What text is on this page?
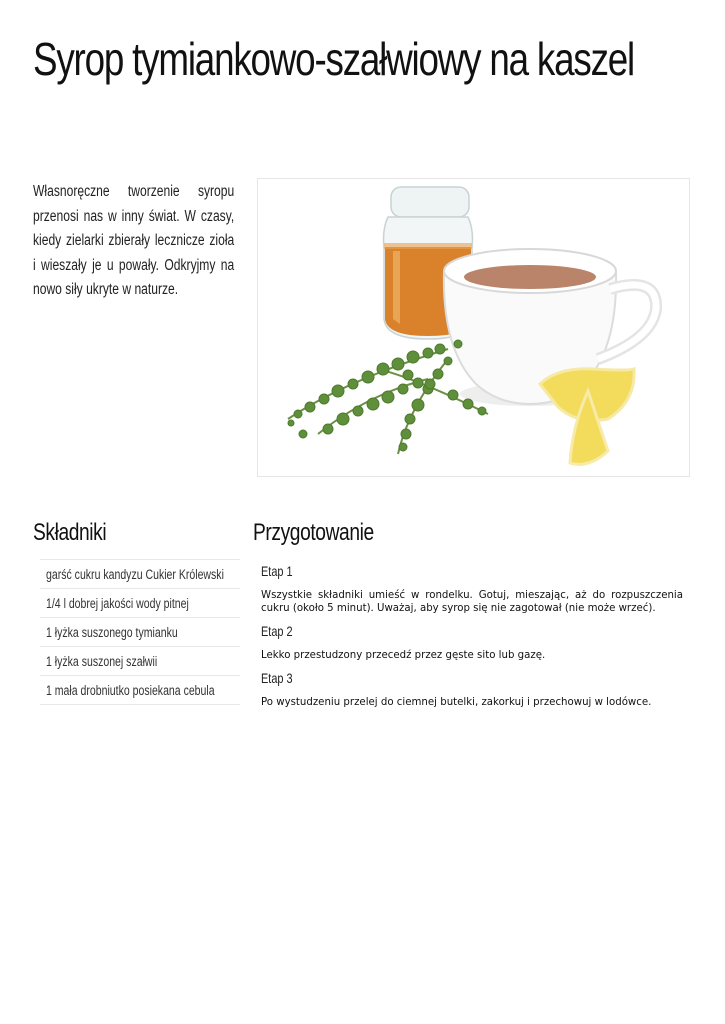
Syrop tymiankowo-szałwiowy na kaszel

Własnoręczne tworzenie syropu przenosi nas w inny świat. W czasy, kiedy zielarki zbierały lecznicze zioła i wieszały je u powały. Odkryjmy na nowo siły ukryte w naturze.

Składniki	Przygotowanie
garść cukru kandyzu Cukier Królewski
1/4 l dobrej jakości wody pitnej
1 łyżka suszonego tymianku
1 łyżka suszonej szałwii
1 mała drobniutko posiekana cebula
Etap 1

Wszystkie składniki umieść w rondelku. Gotuj, mieszając, aż do rozpuszczenia cukru (około 5 minut). Uważaj, aby syrop się nie zagotował (nie może wrzeć).

Etap 2

Lekko przestudzony przecedź przez gęste sito lub gazę.

Etap 3

Po wystudzeniu przelej do ciemnej butelki, zakorkuj i przechowuj w lodówce.
